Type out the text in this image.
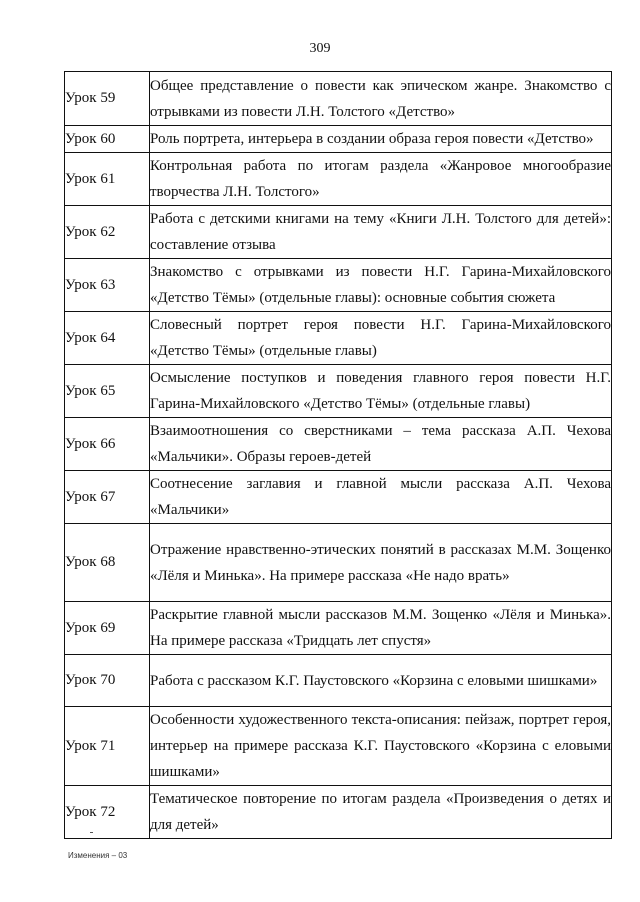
309
Урок 59	Общее представление о повести как эпическом жанре. Знакомство с отрывками из повести Л.Н. Толстого «Детство»
Урок 60	Роль портрета, интерьера в создании образа героя повести «Детство»
Урок 61	Контрольная работа по итогам раздела «Жанровое многообразие творчества Л.Н. Толстого»
Урок 62	Работа с детскими книгами на тему «Книги Л.Н. Толстого для детей»: составление отзыва
Урок 63	Знакомство с отрывками из повести Н.Г. Гарина-Михайловского «Детство Тёмы» (отдельные главы): основные события сюжета
Урок 64	Словесный портрет героя повести Н.Г. Гарина-Михайловского «Детство Тёмы» (отдельные главы)
Урок 65	Осмысление поступков и поведения главного героя повести Н.Г. Гарина-Михайловского «Детство Тёмы» (отдельные главы)
Урок 66	Взаимоотношения со сверстниками – тема рассказа А.П. Чехова «Мальчики». Образы героев-детей
Урок 67	Соотнесение заглавия и главной мысли рассказа А.П. Чехова «Мальчики»
Урок 68	Отражение нравственно-этических понятий в рассказах М.М. Зощенко «Лёля и Минька». На примере рассказа «Не надо врать»
Урок 69	Раскрытие главной мысли рассказов М.М. Зощенко «Лёля и Минька». На примере рассказа «Тридцать лет спустя»
Урок 70	Работа с рассказом К.Г. Паустовского «Корзина с еловыми шишками»
Урок 71	Особенности художественного текста-описания: пейзаж, портрет героя, интерьер на примере рассказа К.Г. Паустовского «Корзина с еловыми шишками»
Урок 72	Тематическое повторение по итогам раздела «Произведения о детях и для детей»
Изменения – 03
